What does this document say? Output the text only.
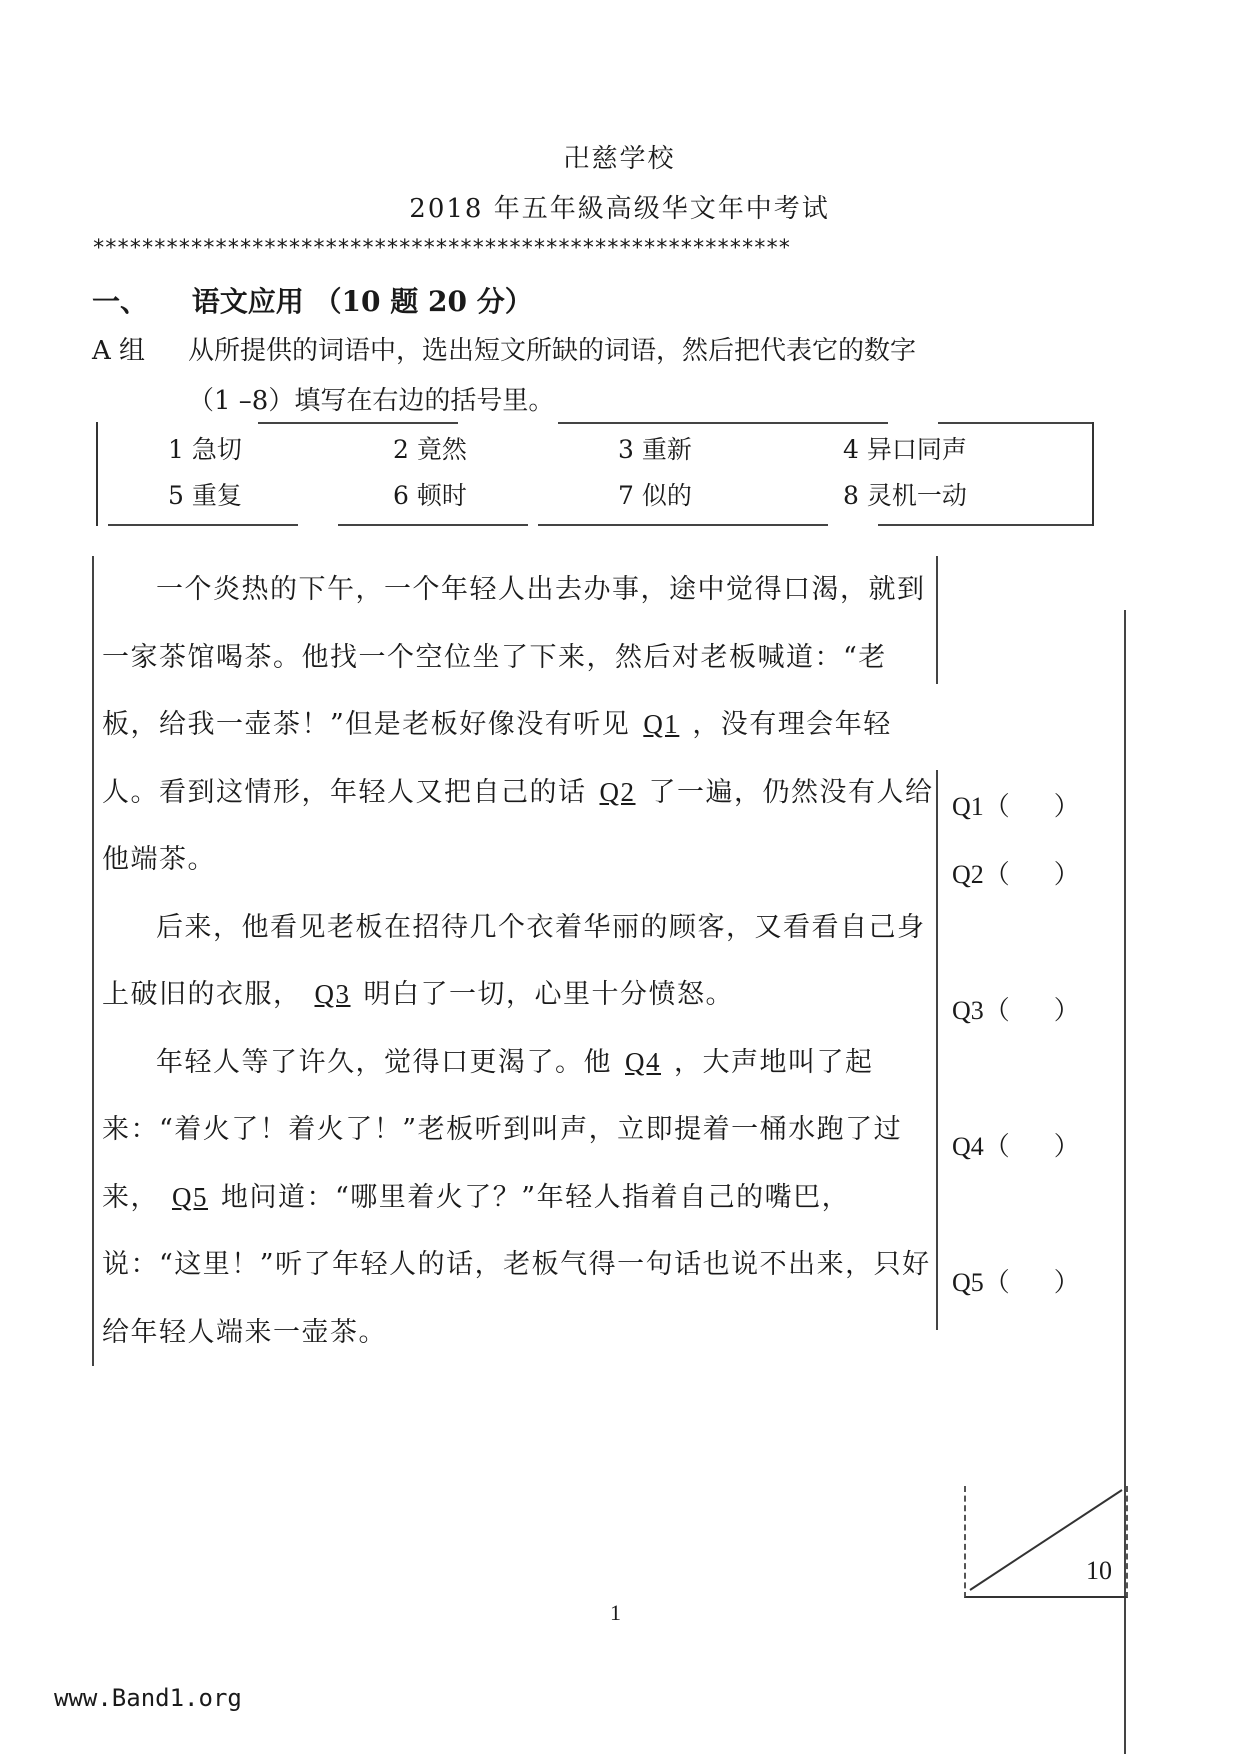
卍慈学校
2018 年五年級高级华文年中考试
*********************************************************
一、 语文应用 （10 题 20 分）
A 组 从所提供的词语中，选出短文所缺的词语，然后把代表它的数字
（1 –8）填写在右边的括号里。
1 急切	2 竟然	3 重新	4 异口同声
5 重复	6 顿时	7 似的	8 灵机一动

一个炎热的下午，一个年轻人出去办事，途中觉得口渴，就到一家茶馆喝茶。他找一个空位坐了下来，然后对老板喊道：“老板，给我一壶茶！”但是老板好像没有听见 Q1 ，没有理会年轻人。看到这情形，年轻人又把自己的话 Q2 了一遍，仍然没有人给他端茶。

后来，他看见老板在招待几个衣着华丽的顾客，又看看自己身上破旧的衣服， Q3 明白了一切，心里十分愤怒。

年轻人等了许久，觉得口更渴了。他 Q4 ，大声地叫了起来：“着火了！着火了！”老板听到叫声，立即提着一桶水跑了过来， Q5 地问道：“哪里着火了？”年轻人指着自己的嘴巴，说：“这里！”听了年轻人的话，老板气得一句话也说不出来，只好给年轻人端来一壶茶。

Q1（ ）
Q2（ ）
Q3（ ）
Q4（ ）
Q5（ ）
10
1
www.Band1.org
